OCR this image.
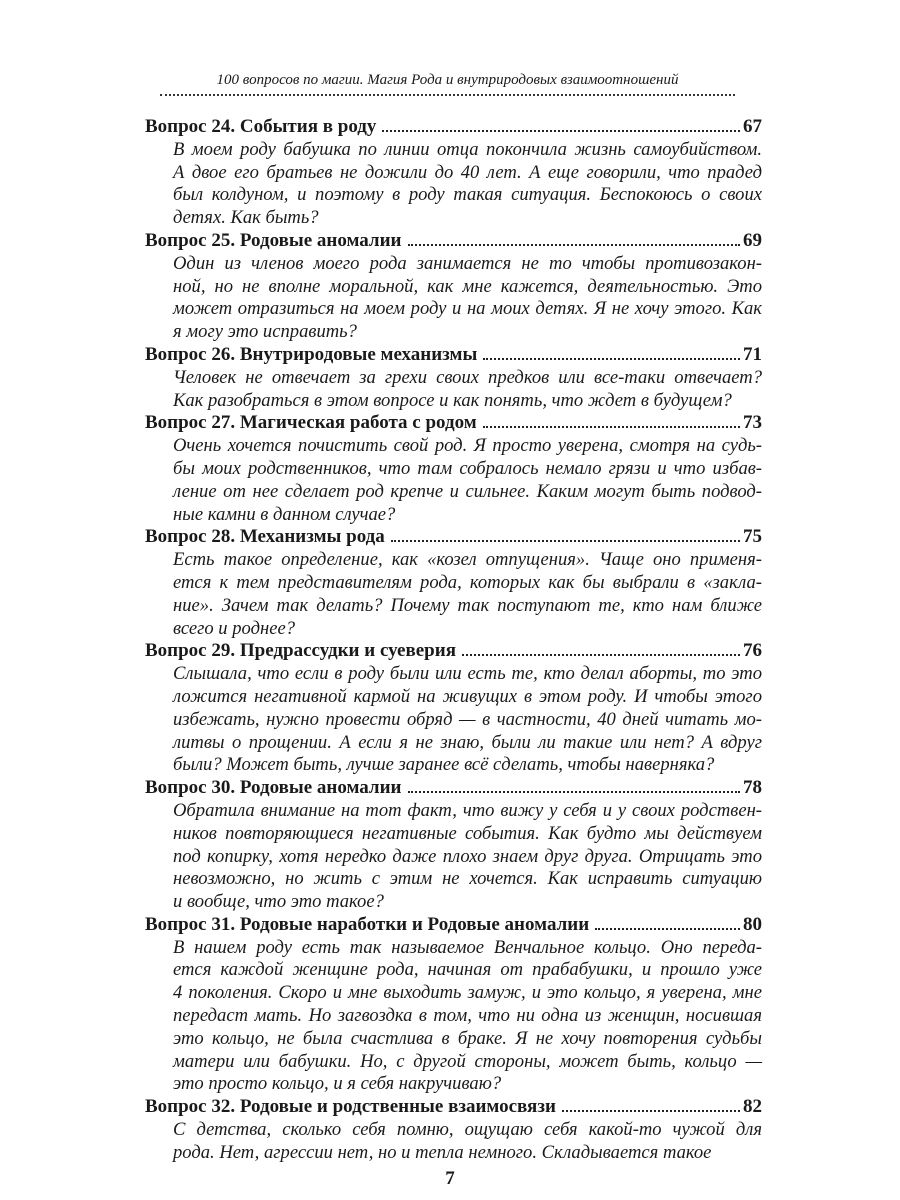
100 вопросов по магии. Магия Рода и внутриродовых взаимоотношений
Вопрос 24. События в роду	67
В моем роду бабушка по линии отца покончила жизнь самоубийством.
А двое его братьев не дожили до 40 лет. А еще говорили, что прадед
был колдуном, и поэтому в роду такая ситуация. Беспокоюсь о своих
детях. Как быть?
Вопрос 25. Родовые аномалии	69
Один из членов моего рода занимается не то чтобы противозакон-
ной, но не вполне моральной, как мне кажется, деятельностью. Это
может отразиться на моем роду и на моих детях. Я не хочу этого. Как
я могу это исправить?
Вопрос 26. Внутриродовые механизмы	71
Человек не отвечает за грехи своих предков или все-таки отвечает?
Как разобраться в этом вопросе и как понять, что ждет в будущем?
Вопрос 27. Магическая работа с родом	73
Очень хочется почистить свой род. Я просто уверена, смотря на судь-
бы моих родственников, что там собралось немало грязи и что избав-
ление от нее сделает род крепче и сильнее. Каким могут быть подвод-
ные камни в данном случае?
Вопрос 28. Механизмы рода	75
Есть такое определение, как «козел отпущения». Чаще оно применя-
ется к тем представителям рода, которых как бы выбрали в «закла-
ние». Зачем так делать? Почему так поступают те, кто нам ближе
всего и роднее?
Вопрос 29. Предрассудки и суеверия	76
Слышала, что если в роду были или есть те, кто делал аборты, то это
ложится негативной кармой на живущих в этом роду. И чтобы этого
избежать, нужно провести обряд — в частности, 40 дней читать мо-
литвы о прощении. А если я не знаю, были ли такие или нет? А вдруг
были? Может быть, лучше заранее всё сделать, чтобы наверняка?
Вопрос 30. Родовые аномалии	78
Обратила внимание на тот факт, что вижу у себя и у своих родствен-
ников повторяющиеся негативные события. Как будто мы действуем
под копирку, хотя нередко даже плохо знаем друг друга. Отрицать это
невозможно, но жить с этим не хочется. Как исправить ситуацию
и вообще, что это такое?
Вопрос 31. Родовые наработки и Родовые аномалии	80
В нашем роду есть так называемое Венчальное кольцо. Оно переда-
ется каждой женщине рода, начиная от прабабушки, и прошло уже
4 поколения. Скоро и мне выходить замуж, и это кольцо, я уверена, мне
передаст мать. Но загвоздка в том, что ни одна из женщин, носившая
это кольцо, не была счастлива в браке. Я не хочу повторения судьбы
матери или бабушки. Но, с другой стороны, может быть, кольцо —
это просто кольцо, и я себя накручиваю?
Вопрос 32. Родовые и родственные взаимосвязи	82
С детства, сколько себя помню, ощущаю себя какой-то чужой для
рода. Нет, агрессии нет, но и тепла немного. Складывается такое
7
